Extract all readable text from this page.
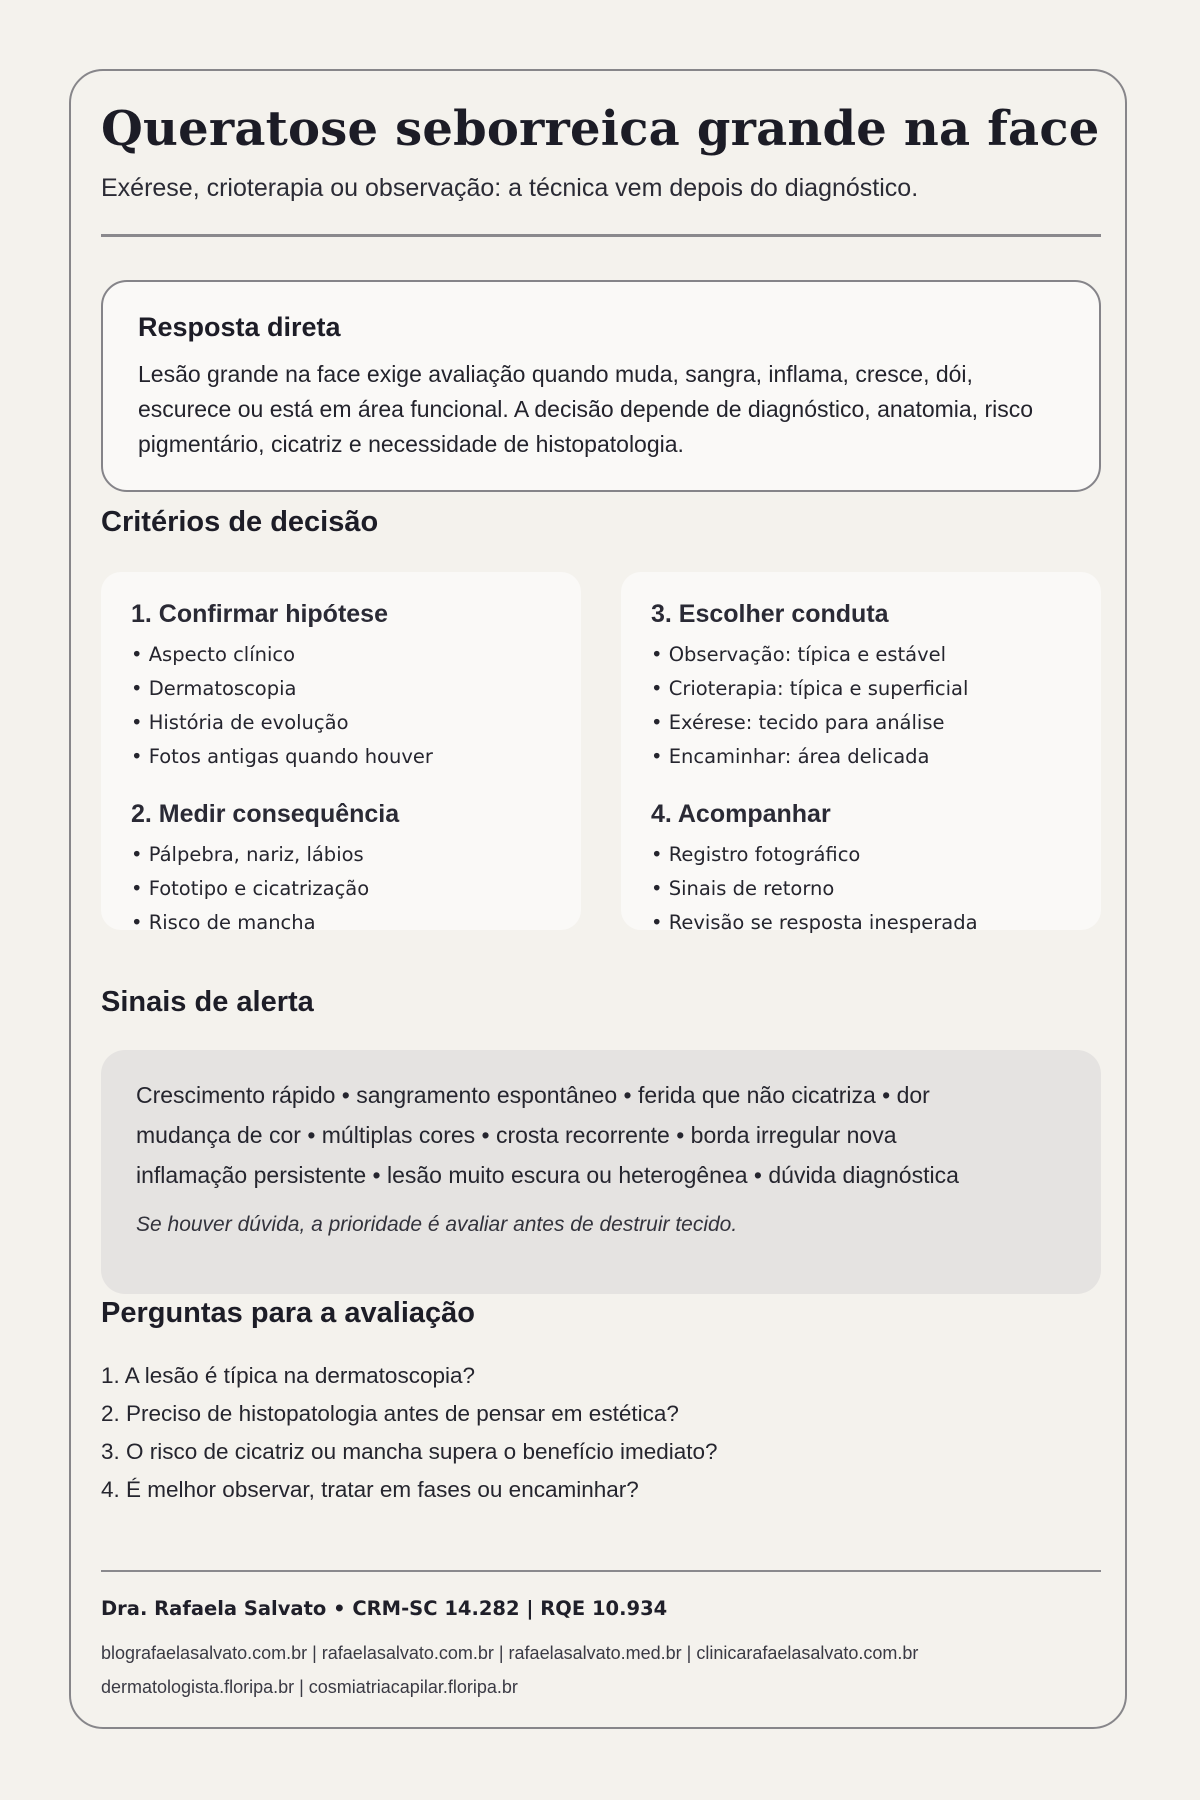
Queratose seborreica grande na face
Exérese, crioterapia ou observação: a técnica vem depois do diagnóstico.
Resposta direta

Lesão grande na face exige avaliação quando muda, sangra, inflama, cresce, dói, escurece ou está em área funcional. A decisão depende de diagnóstico, anatomia, risco pigmentário, cicatriz e necessidade de histopatologia.

Critérios de decisão
1. Confirmar hipótese
• Aspecto clínico
• Dermatoscopia
• História de evolução
• Fotos antigas quando houver
2. Medir consequência
• Pálpebra, nariz, lábios
• Fototipo e cicatrização
• Risco de mancha
3. Escolher conduta
• Observação: típica e estável
• Crioterapia: típica e superficial
• Exérese: tecido para análise
• Encaminhar: área delicada
4. Acompanhar
• Registro fotográfico
• Sinais de retorno
• Revisão se resposta inesperada
Sinais de alerta

Crescimento rápido • sangramento espontâneo • ferida que não cicatriza • dor
mudança de cor • múltiplas cores • crosta recorrente • borda irregular nova
inflamação persistente • lesão muito escura ou heterogênea • dúvida diagnóstica

Se houver dúvida, a prioridade é avaliar antes de destruir tecido.

Perguntas para a avaliação
1. A lesão é típica na dermatoscopia?
2. Preciso de histopatologia antes de pensar em estética?
3. O risco de cicatriz ou mancha supera o benefício imediato?
4. É melhor observar, tratar em fases ou encaminhar?
Dra. Rafaela Salvato • CRM-SC 14.282 | RQE 10.934
blografaelasalvato.com.br | rafaelasalvato.com.br | rafaelasalvato.med.br | clinicarafaelasalvato.com.br
dermatologista.floripa.br | cosmiatriacapilar.floripa.br
